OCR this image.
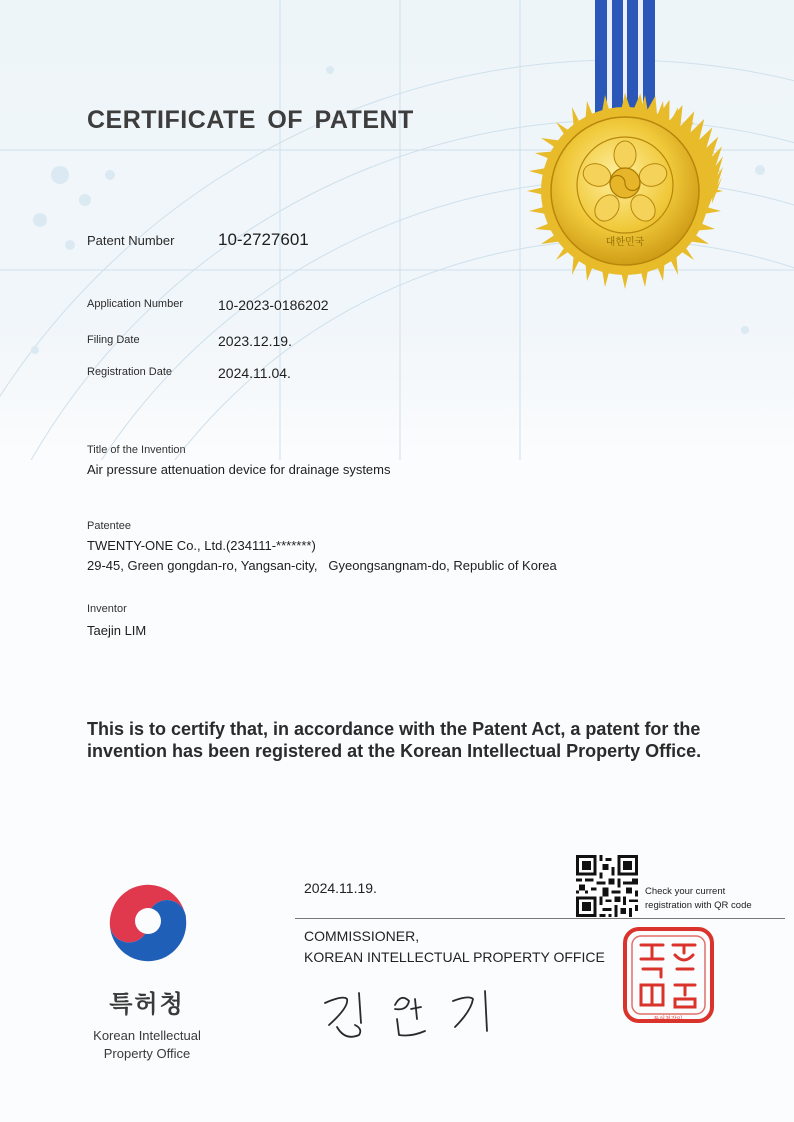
대한민국
CERTIFICATE OF PATENT
Patent Number	10-2727601
Application Number	10-2023-0186202
Filing Date	2023.12.19.
Registration Date	2024.11.04.
Title of the Invention
Air pressure attenuation device for drainage systems
Patentee
TWENTY-ONE Co., Ltd.(234111-*******)
29-45, Green gongdan-ro, Yangsan-city,   Gyeongsangnam-do, Republic of Korea
Inventor
Taejin LIM
This is to certify that, in accordance with the Patent Act, a patent for the invention has been registered at the Korean Intellectual Property Office.
2024.11.19.	Check your current
registration with QR code
COMMISSIONER,
KOREAN INTELLECTUAL PROPERTY OFFICE
특허청장인
특허청
Korean Intellectual
Property Office
